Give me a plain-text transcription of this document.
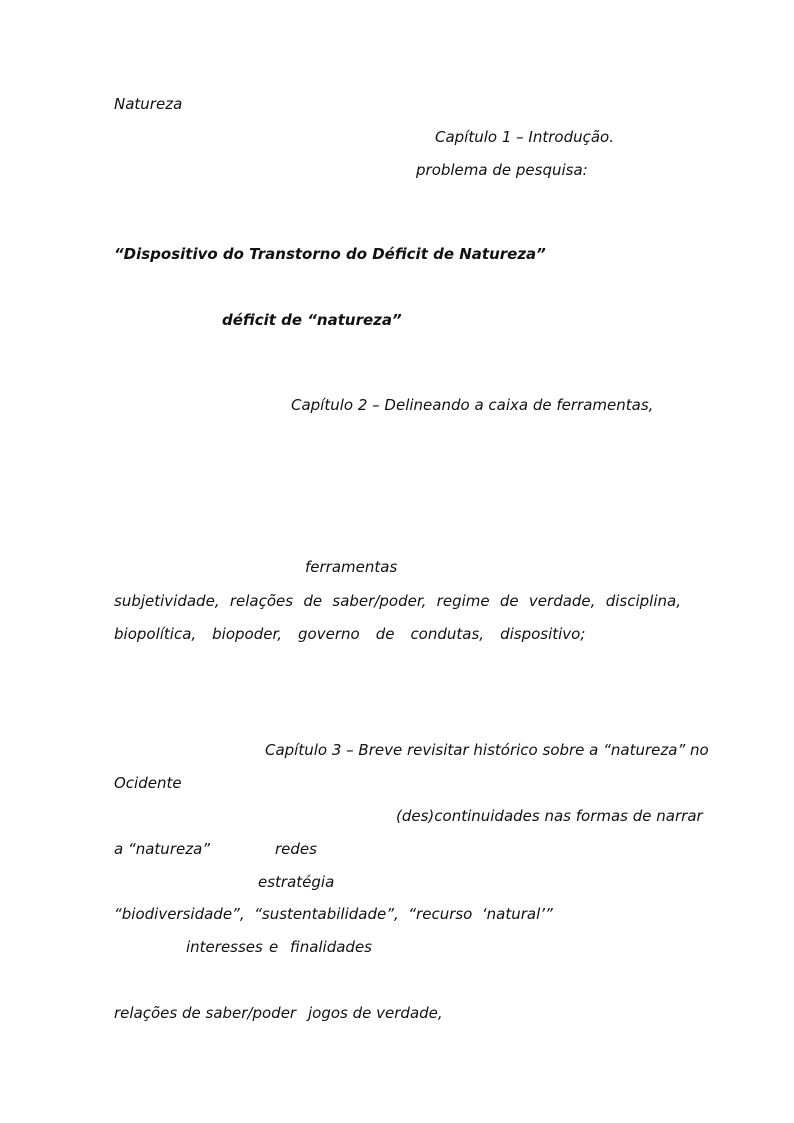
Natureza
Capítulo 1 – Introdução.
problema de pesquisa:
“Dispositivo do Transtorno do Déficit de Natureza”
déficit de “natureza”
Capítulo 2 – Delineando a caixa de ferramentas,
ferramentas
subjetividade, relações de saber/poder, regime de verdade, disciplina,
biopolítica, biopoder, governo de condutas, dispositivo;
Capítulo 3 – Breve revisitar histórico sobre a “natureza” no
Ocidente
(des)continuidades nas formas de narrar
a “natureza”	redes
estratégia
“biodiversidade”,  “sustentabilidade”,  “recurso  ‘natural’”
interesses e finalidades
relações de saber/poder jogos de verdade,
